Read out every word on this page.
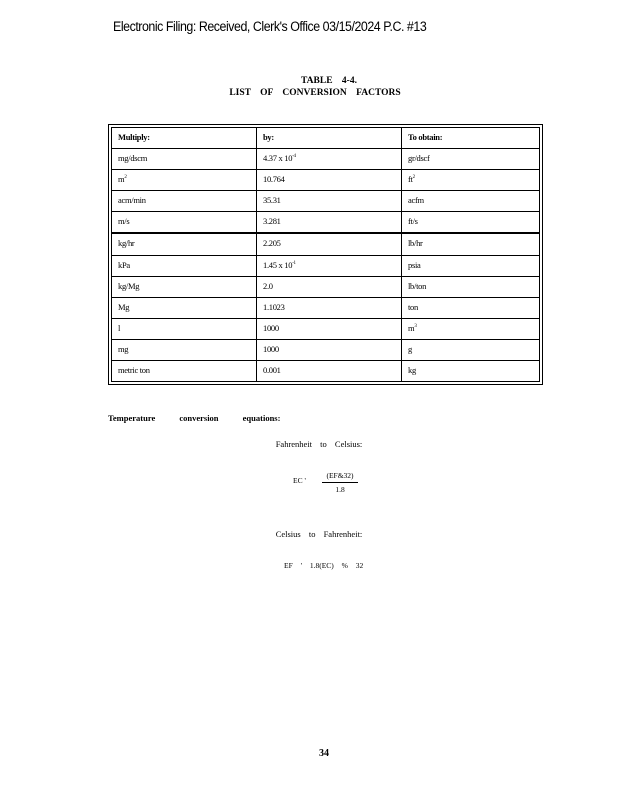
Electronic Filing: Received, Clerk's Office 03/15/2024 P.C. #13
TABLE 4-4.
LIST OF CONVERSION FACTORS
Multiply:	by:	To obtain:
mg/dscm	4.37 x $10^{-4}$	gr/dscf
$m^2$	10.764	$ft^2$
acm/min	35.31	acfm
m/s	3.281	ft/s
kg/hr	2.205	lb/hr
kPa	1.45 x $10^{-1}$	psia
kg/Mg	2.0	lb/ton
Mg	1.1023	ton
l	1000	$m^3$
mg	1000	g
metric ton	0.001	kg
Temperature conversion equations:
Fahrenheit to Celsius:
EC ' $\frac{(EF\&32)}{1.8}$
Celsius to Fahrenheit:
EF ' 1.8(EC) % 32
34
